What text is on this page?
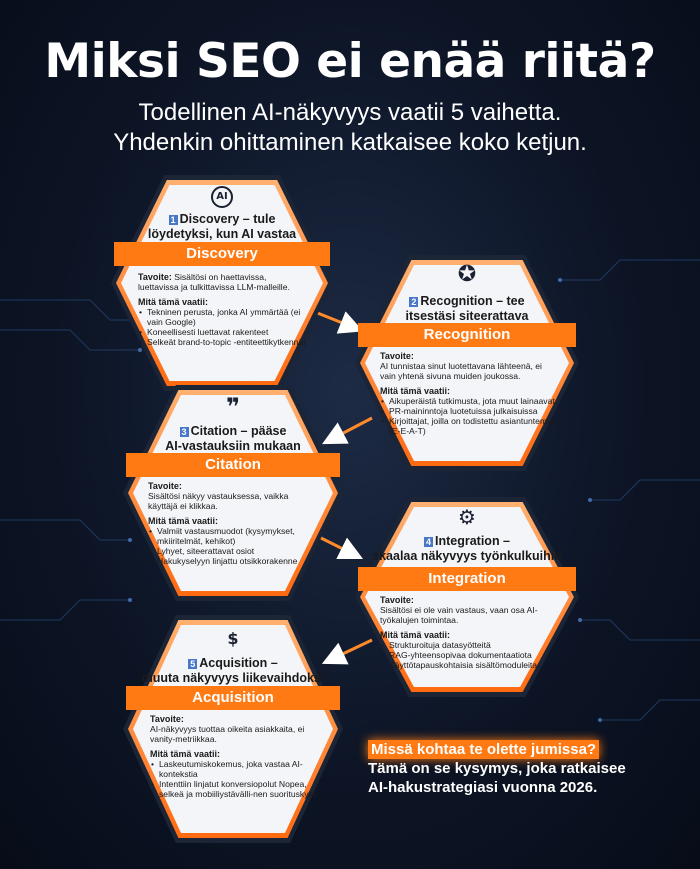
Miksi SEO ei enää riitä?
Todellinen AI-näkyvyys vaatii 5 vaihetta.
Yhdenkin ohittaminen katkaisee koko ketjun.
AI
1 Discovery – tule
löydetyksi, kun AI vastaa
Discovery
Tavoite: Sisältösi on haettavissa, luettavissa ja tulkittavissa LLM-malleille.
Mitä tämä vaatii:
• Tekninen perusta, jonka AI ymmärtää (ei vain Google)
• Koneellisesti luettavat rakenteet
• Selkeät brand-to-topic -entiteettikytkennät
✪
2 Recognition – tee
itsestäsi siteerattava
Recognition
Tavoite:
AI tunnistaa sinut luotettavana lähteenä, ei vain yhtenä sivuna muiden joukossa.
Mitä tämä vaatii:
• Aikuperäistä tutkimusta, jota muut lainaavat
• PR-maininntoja luotetuissa julkaisuissa
• Kirjoittajat, joilla on todistettu asiantuntemus (E-E-A-T)
❞
3 Citation – pääse
AI-vastauksiin mukaan
Citation
Tavoite:
Sisältösi näkyy vastauksessa, vaikka käyttäjä ei klikkaa.
Mitä tämä vaatii:
• Valmiit vastausmuodot (kysymykset, mkiiritelmät, kehikot)
• Lyhyet, siteerattavat osiot
• Hakukyselyyn linjattu otsikkorakenne
⚙
4 Integration –
skaalaa näkyvyys työnkulkuihin
Integration
Tavoite:
Sisältösi ei ole vain vastaus, vaan osa AI-työkalujen toimintaa.
Mitä tämä vaatii:
• Strukturoituja datasyötteitä
• RAG-yhteensopivaa dokumentaatiota
• Käyttötapauskohtaisia sisältömoduleita
$
5 Acquisition –
muuta näkyvyys liikevaihdoksi
Acquisition
Tavoite:
AI-näkyvyys tuottaa oikeita asiakkaita, ei vanity-metriikkaa.
Mitä tämä vaatii:
• Laskeutumiskokemus, joka vastaa AI-kontekstia
• Intenttiin linjatut konversiopolut Nopea, selkeä ja mobiiliystävälli-nen suorituskyky
Missä kohtaa te olette jumissa?
Tämä on se kysymys, joka ratkaisee
AI-hakustrategiasi vuonna 2026.
